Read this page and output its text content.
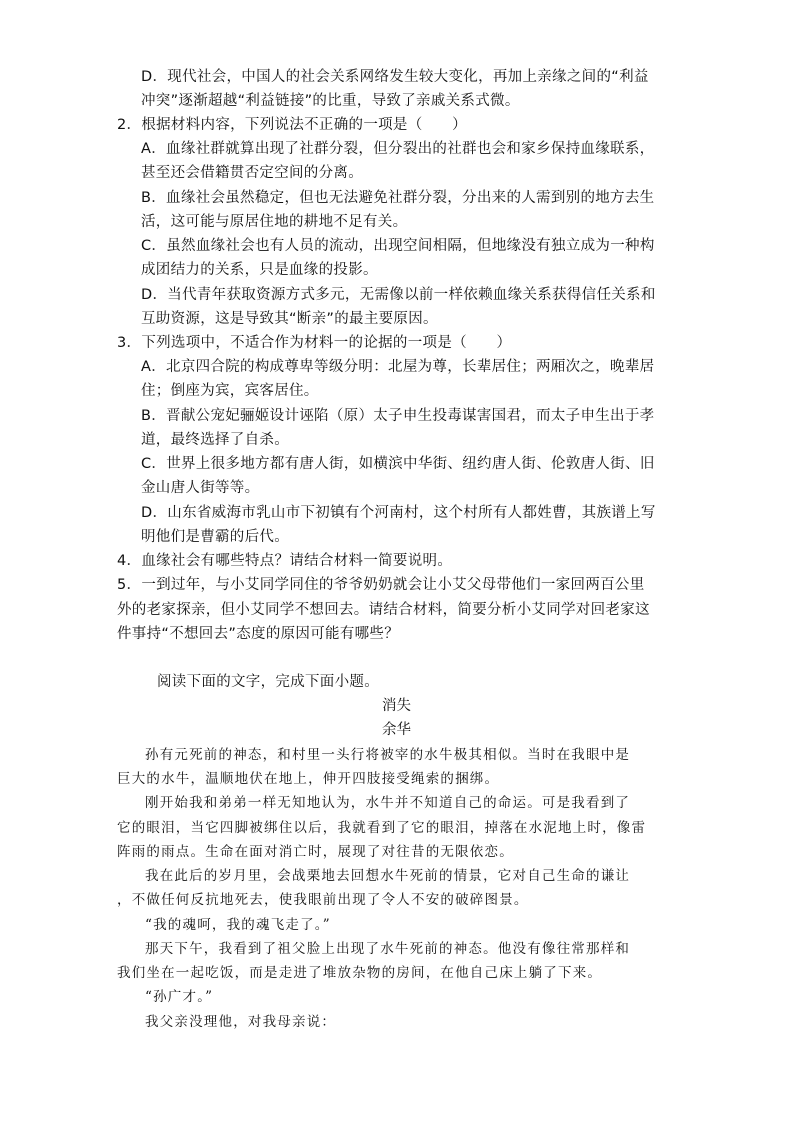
D．现代社会，中国人的社会关系网络发生较大变化，再加上亲缘之间的“利益
冲突”逐渐超越“利益链接”的比重，导致了亲戚关系式微。
2．根据材料内容，下列说法不正确的一项是（　　）
A．血缘社群就算出现了社群分裂，但分裂出的社群也会和家乡保持血缘联系，
甚至还会借籍贯否定空间的分离。
B．血缘社会虽然稳定，但也无法避免社群分裂，分出来的人需到别的地方去生
活，这可能与原居住地的耕地不足有关。
C．虽然血缘社会也有人员的流动，出现空间相隔，但地缘没有独立成为一种构
成团结力的关系，只是血缘的投影。
D．当代青年获取资源方式多元，无需像以前一样依赖血缘关系获得信任关系和
互助资源，这是导致其“断亲”的最主要原因。
3．下列选项中，不适合作为材料一的论据的一项是（　　）
A．北京四合院的构成尊卑等级分明：北屋为尊，长辈居住；两厢次之，晚辈居
住；倒座为宾，宾客居住。
B．晋献公宠妃骊姬设计诬陷（原）太子申生投毒谋害国君，而太子申生出于孝
道，最终选择了自杀。
C．世界上很多地方都有唐人街，如横滨中华街、纽约唐人街、伦敦唐人街、旧
金山唐人街等等。
D．山东省威海市乳山市下初镇有个河南村，这个村所有人都姓曹，其族谱上写
明他们是曹霸的后代。
4．血缘社会有哪些特点？请结合材料一简要说明。
5．一到过年，与小艾同学同住的爷爷奶奶就会让小艾父母带他们一家回两百公里
外的老家探亲，但小艾同学不想回去。请结合材料，简要分析小艾同学对回老家这
件事持“不想回去”态度的原因可能有哪些？
阅读下面的文字，完成下面小题。
消失
余华
孙有元死前的神态，和村里一头行将被宰的水牛极其相似。当时在我眼中是
巨大的水牛，温顺地伏在地上，伸开四肢接受绳索的捆绑。
刚开始我和弟弟一样无知地认为，水牛并不知道自己的命运。可是我看到了
它的眼泪，当它四脚被绑住以后，我就看到了它的眼泪，掉落在水泥地上时，像雷
阵雨的雨点。生命在面对消亡时，展现了对往昔的无限依恋。
我在此后的岁月里，会战栗地去回想水牛死前的情景，它对自己生命的谦让
，不做任何反抗地死去，使我眼前出现了令人不安的破碎图景。
“我的魂呵，我的魂飞走了。”
那天下午，我看到了祖父脸上出现了水牛死前的神态。他没有像往常那样和
我们坐在一起吃饭，而是走进了堆放杂物的房间，在他自己床上躺了下来。
“孙广才。”
我父亲没理他，对我母亲说：
